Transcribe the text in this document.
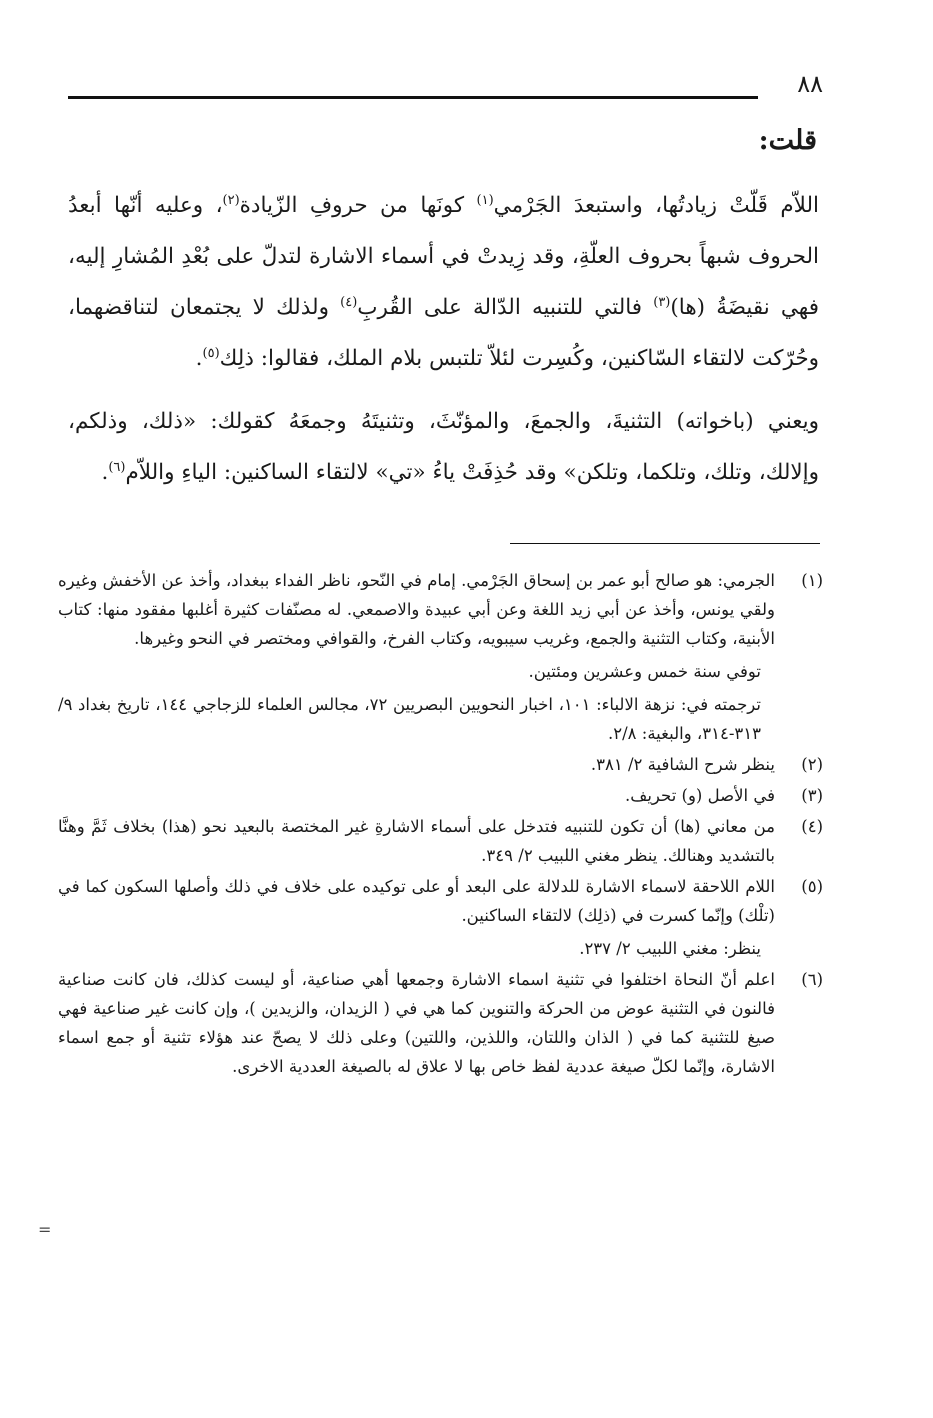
٨٨
قلت:

اللاّم قَلّتْ زيادتُها، واستبعدَ الجَرْمي$^{(١)}$ كونَها من حروفِ الزّيادة$^{(٢)}$، وعليه أنّها أبعدُ الحروف شبهاً بحروف العلّةِ، وقد زِيدتْ في أسماء الاشارة لتدلّ على بُعْدِ المُشارِ إليه، فهي نقيضَةُ (ها)$^{(٣)}$ فالتي للتنبيه الدّالة على القُربِ$^{(٤)}$ ولذلك لا يجتمعان لتناقضهما، وحُرّكت لالتقاء السّاكنين، وكُسِرت لئلاّ تلتبس بلام الملك، فقالوا: ذلِك$^{(٥)}$.

ويعني (باخواته) التثنيةَ، والجمعَ، والمؤنّثَ، وتثنيتَهُ وجمعَهُ كقولك: «ذلك، وذلكم، وإلالك، وتلك، وتلكما، وتلكن» وقد حُذِفَتْ ياءُ «تي» لالتقاء الساكنين: الياءِ واللاّم$^{(٦)}$.

(١)

الجرمي: هو صالح أبو عمر بن إسحاق الجَرْمي. إمام في النّحو، ناظر الفداء ببغداد، وأخذ عن الأخفش وغيره ولقي يونس، وأخذ عن أبي زيد اللغة وعن أبي عبيدة والاصمعي. له مصنّفات كثيرة أغلبها مفقود منها: كتاب الأبنية، وكتاب التثنية والجمع، وغريب سيبويه، وكتاب الفرخ، والقوافي ومختصر في النحو وغيرها.

توفي سنة خمس وعشرين ومئتين.

ترجمته في: نزهة الالباء: ١٠١، اخبار النحويين البصريين ٧٢، مجالس العلماء للزجاجي ١٤٤، تاريخ بغداد ٩/ ٣١٣-٣١٤، والبغية: ٢/٨.

(٢)

ينظر شرح الشافية ٢/ ٣٨١.

(٣)

في الأصل (و) تحريف.

(٤)

من معاني (ها) أن تكون للتنبيه فتدخل على أسماء الاشارةِ غير المختصة بالبعيد نحو (هذا) بخلاف ثَمَّ وهنَّا بالتشديد وهنالك. ينظر مغني اللبيب ٢/ ٣٤٩.

(٥)

اللام اللاحقة لاسماء الاشارة للدلالة على البعد أو على توكيده على خلاف في ذلك وأصلها السكون كما في (تلْك) وإنّما كسرت في (ذلِك) لالتقاء الساكنين.

ينظر: مغني اللبيب ٢/ ٢٣٧.

(٦)

اعلم أنّ النحاة اختلفوا في تثنية اسماء الاشارة وجمعها أهي صناعية، أو ليست كذلك، فان كانت صناعية فالنون في التثنية عوض من الحركة والتنوين كما هي في ( الزيدان، والزيدين )، وإن كانت غير صناعية فهي صيغ للتثنية كما في ( الذان واللتان، واللذين، واللتين) وعلى ذلك لا يصحّ عند هؤلاء تثنية أو جمع اسماء الاشارة، وإنّما لكلّ صيغة عددية لفظ خاص بها لا علاق له بالصيغة العددية الاخرى.

=
